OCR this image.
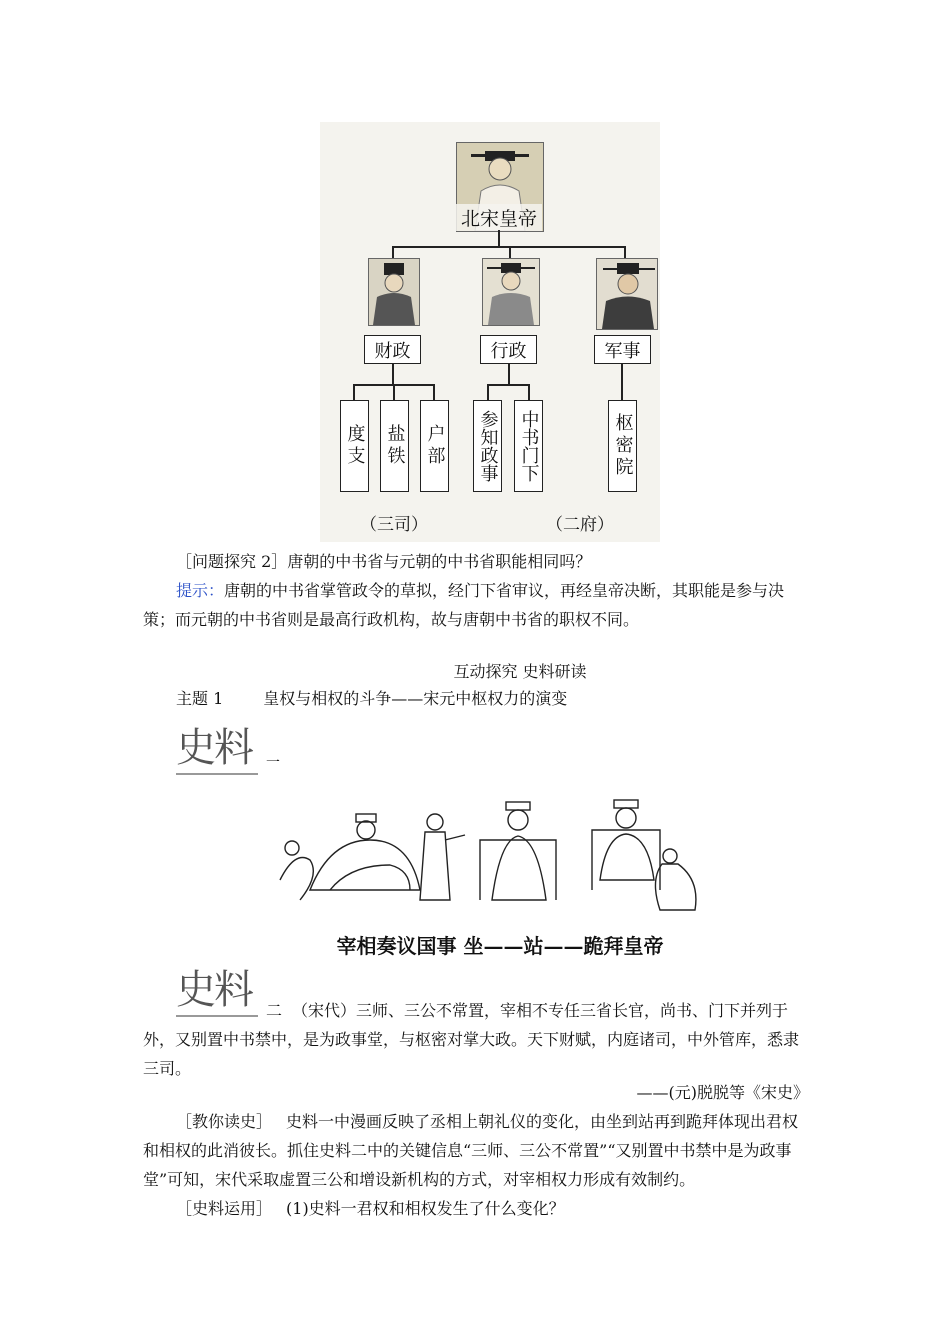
北宋皇帝
财政	行政	军事
度支 盐铁 户部 参知政事 中书门下	枢密院
（三司）	（二府）
［问题探究 2］唐朝的中书省与元朝的中书省职能相同吗？
提示：唐朝的中书省掌管政令的草拟，经门下省审议，再经皇帝决断，其职能是参与决策；而元朝的中书省则是最高行政机构，故与唐朝中书省的职权不同。
互动探究 史料研读
主题 1	皇权与相权的斗争——宋元中枢权力的演变
史料	一
宰相奏议国事 坐——站——跪拜皇帝
史料 二 （宋代）三师、三公不常置，宰相不专任三省长官，尚书、门下并列于外，又别置中书禁中，是为政事堂，与枢密对掌大政。天下财赋，内庭诸司，中外管库，悉隶三司。
——(元)脱脱等《宋史》
［教你读史］ 史料一中漫画反映了丞相上朝礼仪的变化，由坐到站再到跪拜体现出君权和相权的此消彼长。抓住史料二中的关键信息“三师、三公不常置”“又别置中书禁中是为政事堂”可知，宋代采取虚置三公和增设新机构的方式，对宰相权力形成有效制约。
［史料运用］ (1)史料一君权和相权发生了什么变化？
